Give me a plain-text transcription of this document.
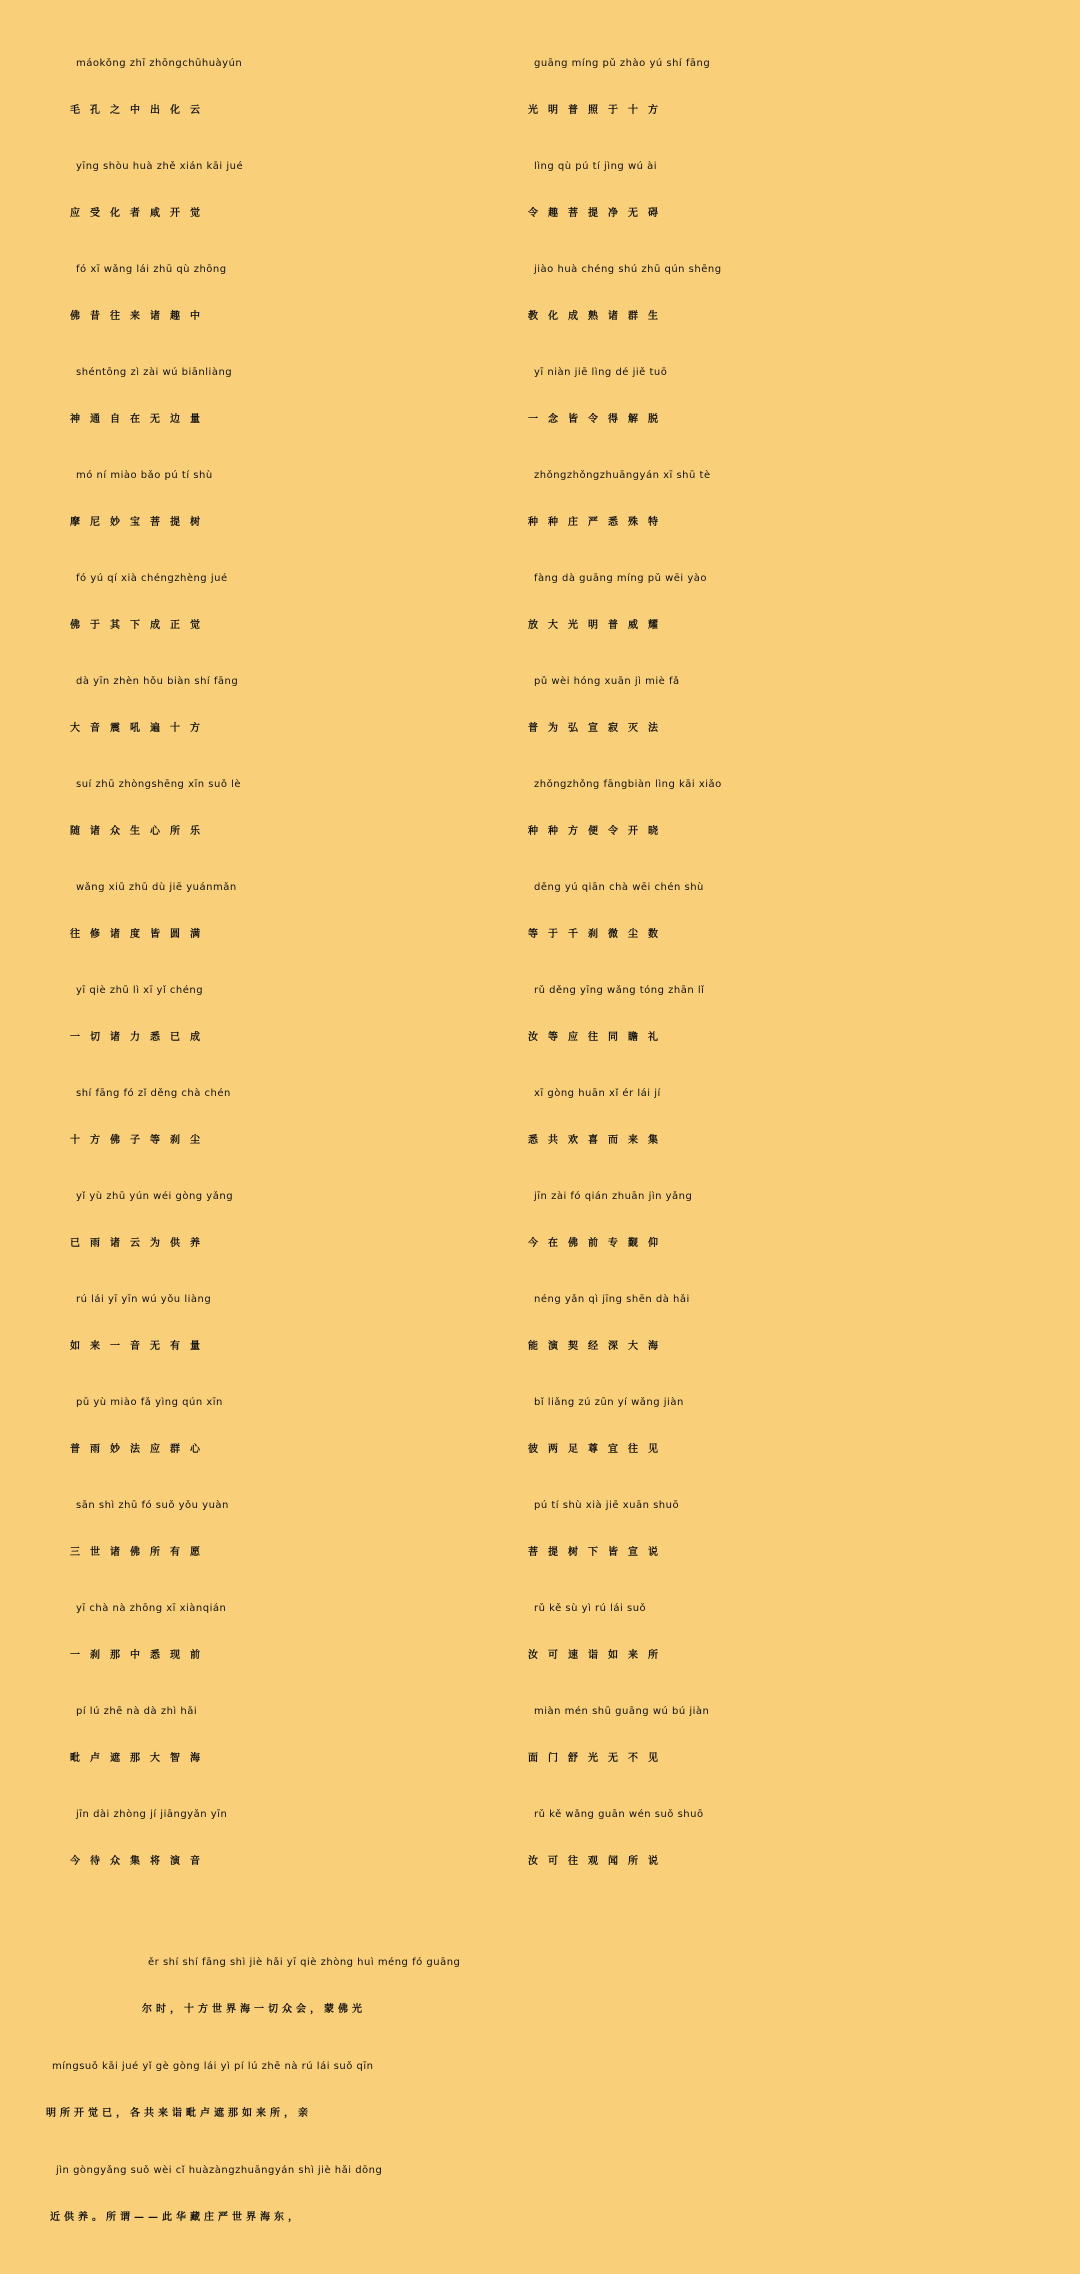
máokǒng zhī zhōngchūhuàyún
毛孔之中出化云
guāng míng pǔ zhào yú shí fāng
光明普照于十方
yīng shòu huà zhě xián kāi jué
应受化者咸开觉
lìng qù pú tí jìng wú ài
令趣菩提净无碍
fó xī wǎng lái zhū qù zhōng
佛昔往来诸趣中
jiào huà chéng shú zhū qún shēng
教化成熟诸群生
shéntōng zì zài wú biānliàng
神通自在无边量
yī niàn jiē lìng dé jiě tuō
一念皆令得解脱
mó ní miào bǎo pú tí shù
摩尼妙宝菩提树
zhǒngzhǒngzhuāngyán xī shū tè
种种庄严悉殊特
fó yú qí xià chéngzhèng jué
佛于其下成正觉
fàng dà guāng míng pǔ wēi yào
放大光明普威耀
dà yīn zhèn hǒu biàn shí fāng
大音震吼遍十方
pǔ wèi hóng xuān jì miè fǎ
普为弘宣寂灭法
suí zhū zhòngshēng xīn suǒ lè
随诸众生心所乐
zhǒngzhǒng fāngbiàn lìng kāi xiǎo
种种方便令开晓
wǎng xiū zhū dù jiē yuánmǎn
往修诸度皆圆满
děng yú qiān chà wēi chén shù
等于千刹微尘数
yī qiè zhū lì xī yǐ chéng
一切诸力悉已成
rǔ děng yīng wǎng tóng zhān lǐ
汝等应往同瞻礼
shí fāng fó zǐ děng chà chén
十方佛子等刹尘
xī gòng huān xǐ ér lái jí
悉共欢喜而来集
yǐ yù zhū yún wéi gòng yǎng
已雨诸云为供养
jīn zài fó qián zhuān jìn yǎng
今在佛前专觐仰
rú lái yī yīn wú yǒu liàng
如来一音无有量
néng yǎn qì jīng shēn dà hǎi
能演契经深大海
pǔ yù miào fǎ yìng qún xīn
普雨妙法应群心
bǐ liǎng zú zūn yí wǎng jiàn
彼两足尊宜往见
sān shì zhū fó suǒ yǒu yuàn
三世诸佛所有愿
pú tí shù xià jiē xuān shuō
菩提树下皆宣说
yī chà nà zhōng xī xiànqián
一刹那中悉现前
rǔ kě sù yì rú lái suǒ
汝可速诣如来所
pí lú zhē nà dà zhì hǎi
毗卢遮那大智海
miàn mén shū guāng wú bú jiàn
面门舒光无不见
jīn dài zhòng jí jiāngyǎn yīn
今待众集将演音
rǔ kě wǎng guān wén suǒ shuō
汝可往观闻所说
ěr shí shí fāng shì jiè hǎi yī qiè zhòng huì méng fó guāng
尔时，十方世界海一切众会，蒙佛光
míngsuǒ kāi jué yǐ gè gòng lái yì pí lú zhē nà rú lái suǒ qīn
明所开觉已，各共来诣毗卢遮那如来所，亲
jìn gòngyǎng suǒ wèi cǐ huàzàngzhuāngyán shì jiè hǎi dōng
近供养。所谓——此华藏庄严世界海东，
